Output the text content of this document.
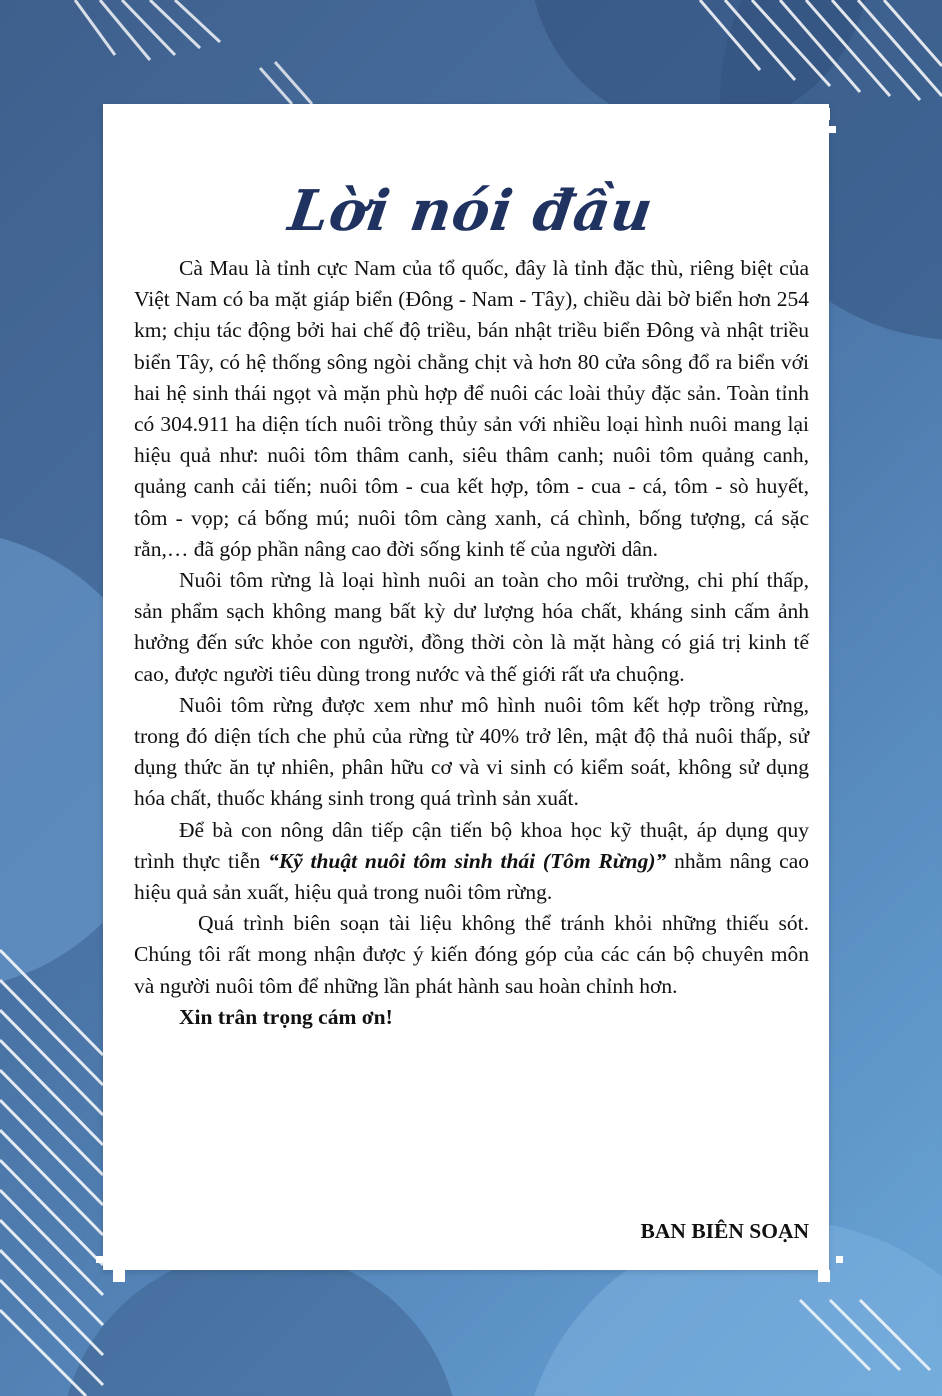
Lời nói đầu

Cà Mau là tỉnh cực Nam của tổ quốc, đây là tỉnh đặc thù, riêng biệt của Việt Nam có ba mặt giáp biển (Đông - Nam - Tây), chiều dài bờ biển hơn 254 km; chịu tác động bởi hai chế độ triều, bán nhật triều biển Đông và nhật triều biển Tây, có hệ thống sông ngòi chằng chịt và hơn 80 cửa sông đổ ra biển với hai hệ sinh thái ngọt và mặn phù hợp để nuôi các loài thủy đặc sản. Toàn tỉnh có 304.911 ha diện tích nuôi trồng thủy sản với nhiều loại hình nuôi mang lại hiệu quả như: nuôi tôm thâm canh, siêu thâm canh; nuôi tôm quảng canh, quảng canh cải tiến; nuôi tôm - cua kết hợp, tôm - cua - cá, tôm - sò huyết, tôm - vọp; cá bống mú; nuôi tôm càng xanh, cá chình, bống tượng, cá sặc rằn,… đã góp phần nâng cao đời sống kinh tế của người dân.

Nuôi tôm rừng là loại hình nuôi an toàn cho môi trường, chi phí thấp, sản phẩm sạch không mang bất kỳ dư lượng hóa chất, kháng sinh cấm ảnh hưởng đến sức khỏe con người, đồng thời còn là mặt hàng có giá trị kinh tế cao, được người tiêu dùng trong nước và thế giới rất ưa chuộng.

Nuôi tôm rừng được xem như mô hình nuôi tôm kết hợp trồng rừng, trong đó diện tích che phủ của rừng từ 40% trở lên, mật độ thả nuôi thấp, sử dụng thức ăn tự nhiên, phân hữu cơ và vi sinh có kiểm soát, không sử dụng hóa chất, thuốc kháng sinh trong quá trình sản xuất.

Để bà con nông dân tiếp cận tiến bộ khoa học kỹ thuật, áp dụng quy trình thực tiễn “Kỹ thuật nuôi tôm sinh thái (Tôm Rừng)” nhằm nâng cao hiệu quả sản xuất, hiệu quả trong nuôi tôm rừng.

Quá trình biên soạn tài liệu không thể tránh khỏi những thiếu sót. Chúng tôi rất mong nhận được ý kiến đóng góp của các cán bộ chuyên môn và người nuôi tôm để những lần phát hành sau hoàn chỉnh hơn.

Xin trân trọng cám ơn!

BAN BIÊN SOẠN
